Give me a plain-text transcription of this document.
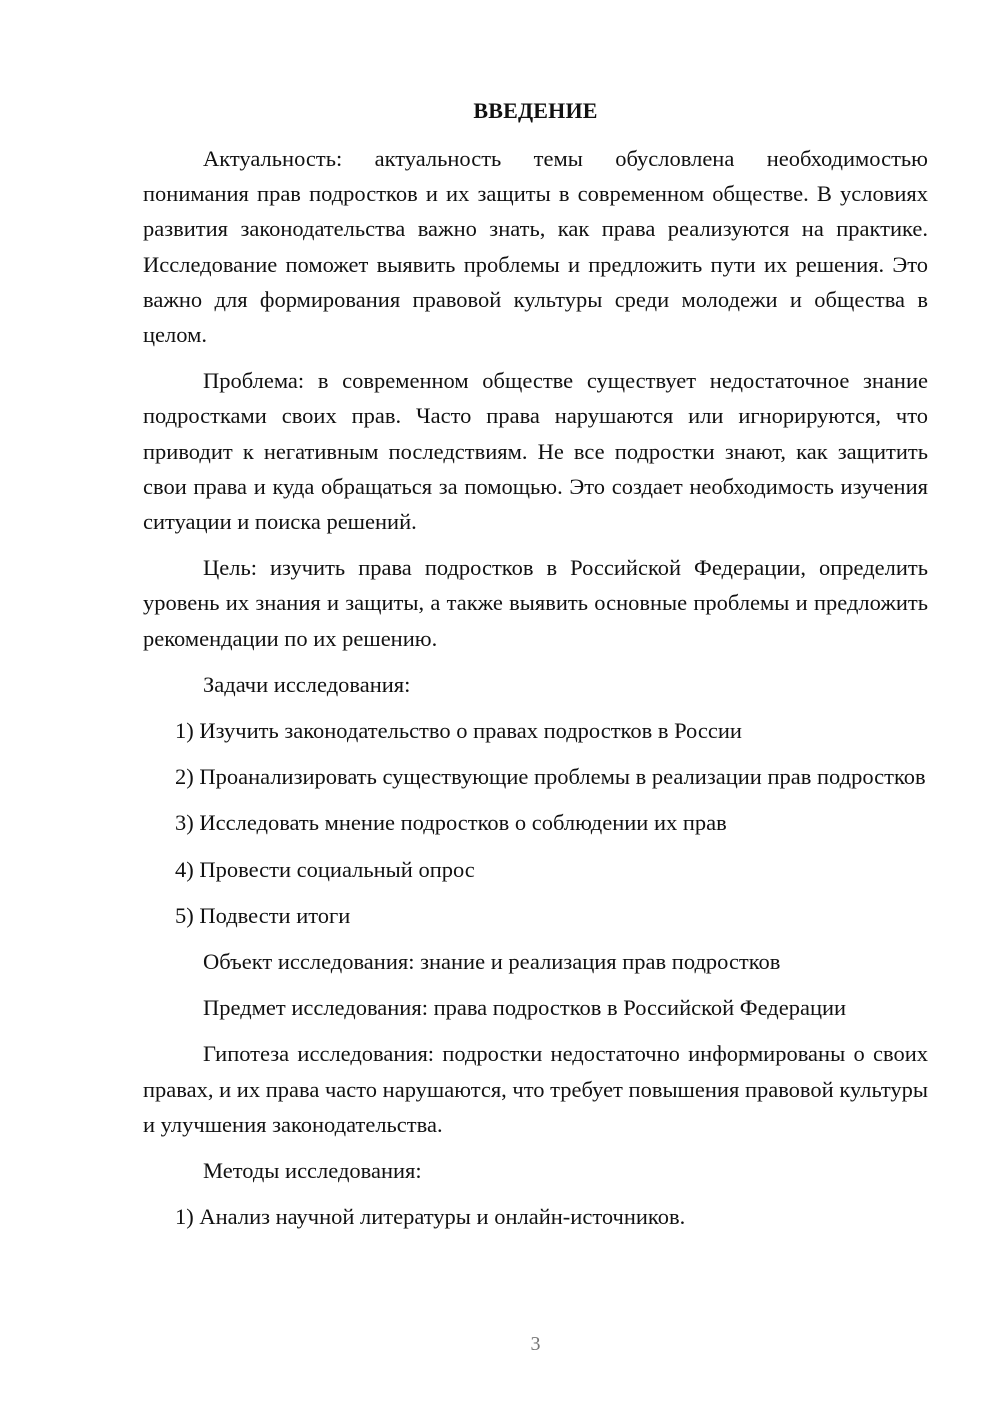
ВВЕДЕНИЕ

Актуальность: актуальность темы обусловлена необходимостью понимания прав подростков и их защиты в современном обществе. В условиях развития законодательства важно знать, как права реализуются на практике. Исследование поможет выявить проблемы и предложить пути их решения. Это важно для формирования правовой культуры среди молодежи и общества в целом.

Проблема: в современном обществе существует недостаточное знание подростками своих прав. Часто права нарушаются или игнорируются, что приводит к негативным последствиям. Не все подростки знают, как защитить свои права и куда обращаться за помощью. Это создает необходимость изучения ситуации и поиска решений.

Цель: изучить права подростков в Российской Федерации, определить уровень их знания и защиты, а также выявить основные проблемы и предложить рекомендации по их решению.

Задачи исследования:

1) Изучить законодательство о правах подростков в России

2) Проанализировать существующие проблемы в реализации прав подростков

3) Исследовать мнение подростков о соблюдении их прав

4) Провести социальный опрос

5) Подвести итоги

Объект исследования: знание и реализация прав подростков

Предмет исследования: права подростков в Российской Федерации

Гипотеза исследования: подростки недостаточно информированы о своих правах, и их права часто нарушаются, что требует повышения правовой культуры и улучшения законодательства.

Методы исследования:

1) Анализ научной литературы и онлайн-источников.

3
